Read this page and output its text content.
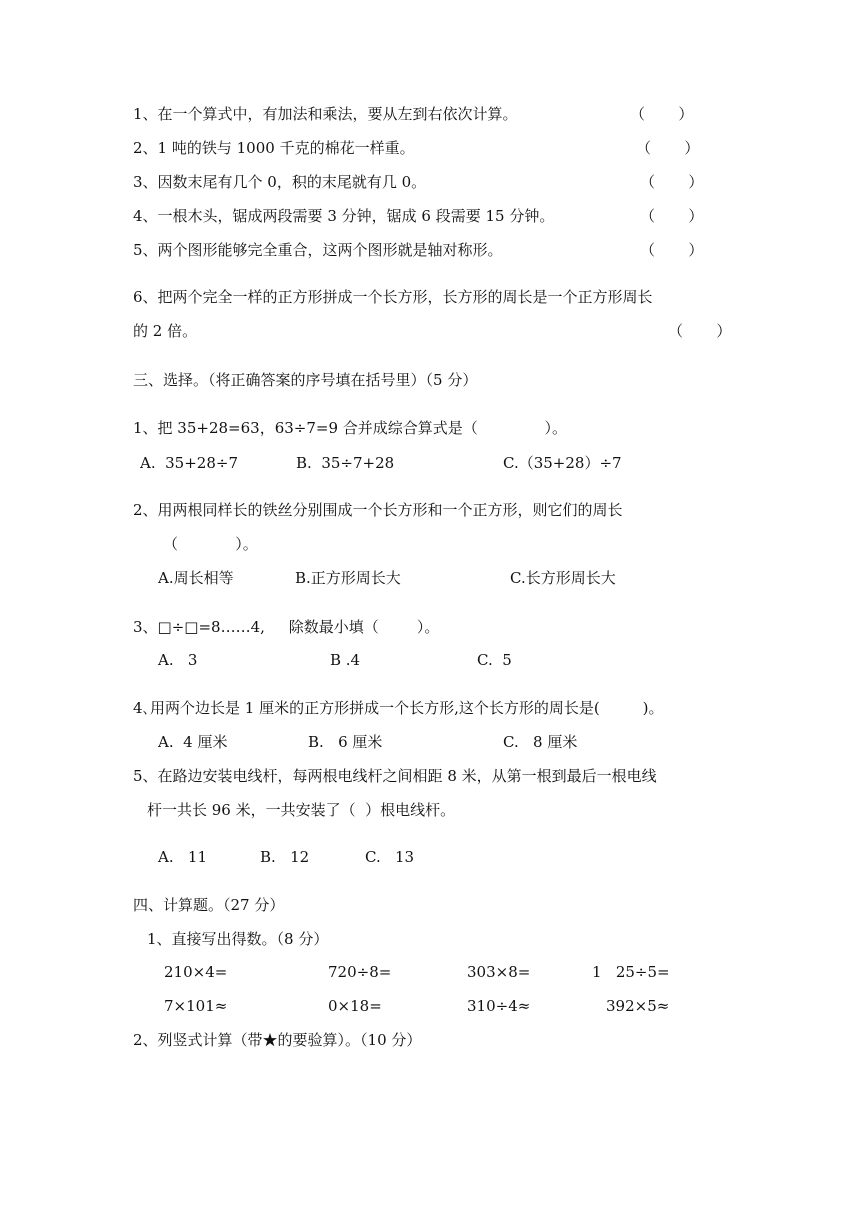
1、在一个算式中，有加法和乘法，要从左到右依次计算。	（       ）
2、1 吨的铁与 1000 千克的棉花一样重。	（       ）
3、因数末尾有几个 0，积的末尾就有几 0。	（       ）
4、一根木头，锯成两段需要 3 分钟，锯成 6 段需要 15 分钟。	（       ）
5、两个图形能够完全重合，这两个图形就是轴对称形。	（       ）
6、把两个完全一样的正方形拼成一个长方形，长方形的周长是一个正方形周长
的 2 倍。	（       ）
三、选择。（将正确答案的序号填在括号里）（5 分）
1、把 35+28=63，63÷7=9 合并成综合算式是（              ）。
A.  35+28÷7	B.  35÷7+28	C.（35+28）÷7
2、用两根同样长的铁丝分别围成一个长方形和一个正方形，则它们的周长
（            ）。
A.周长相等	B.正方形周长大	C.长方形周长大
3、□÷□=8……4,     除数最小填（        ）。
A.   3	B .4	C.  5
4､用两个边长是 1 厘米的正方形拼成一个长方形,这个长方形的周长是(         )。
A.  4 厘米	B.   6 厘米	C.   8 厘米
5、在路边安装电线杆，每两根电线杆之间相距 8 米，从第一根到最后一根电线
杆一共长 96 米，一共安装了（  ）根电线杆。
A.   11	B.   12	C.   13
四、计算题。（27 分）
1、直接写出得数。（8 分）
210×4=	720÷8=	303×8=	1   25÷5=
7×101≈	0×18=	310÷4≈	392×5≈
2、列竖式计算（带★的要验算）。（10 分）
